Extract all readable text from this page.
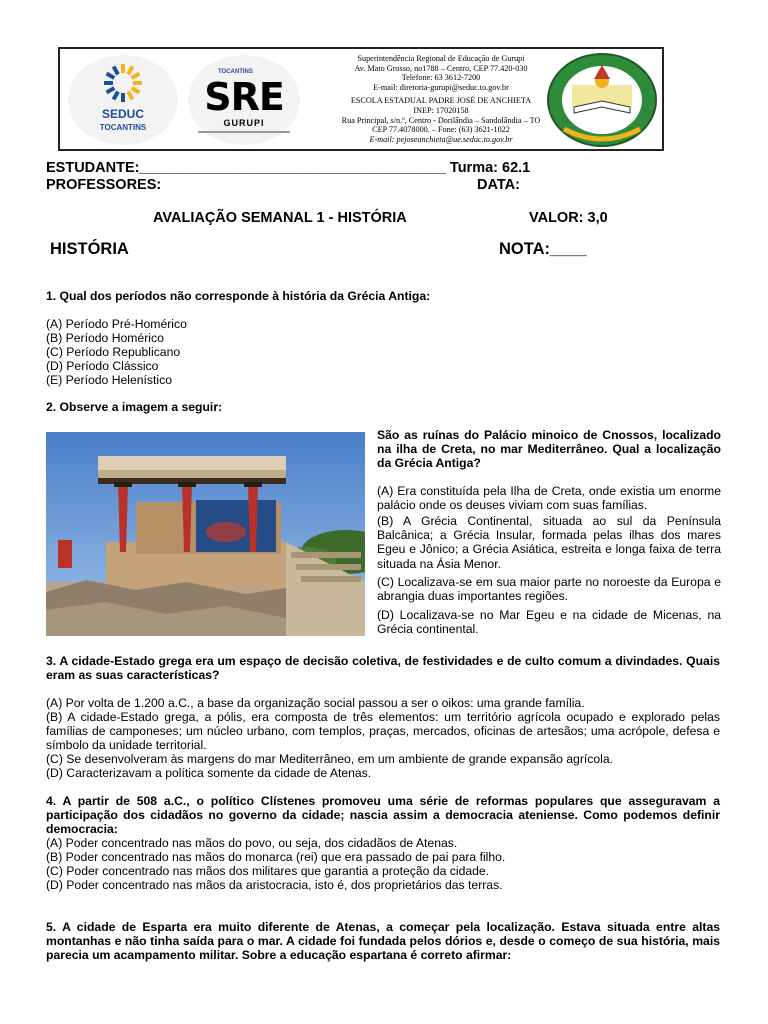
SEDUC
TOCANTINS
TOCANTINS
SRE
GURUPI
Superintendência Regional de Educação de Gurupi
Av. Mato Grosso, no1788 – Centro, CEP 77.420-030
Telefone: 63 3612-7200
E-mail: diretoria-gurupi@seduc.to.gov.br
ESCOLA ESTADUAL PADRE JOSÉ DE ANCHIETA
INEP: 17020158
Rua Principal, s/n.º, Centro - Dorilândia – Sandolândia – TO
CEP 77.4078000. – Fone: (63) 3621-1022
E-mail: pejoseanchieta@ue.seduc.to.gov.br
ESTUDANTE:______________________________________ Turma: 62.1
PROFESSORES:	DATA:
AVALIAÇÃO SEMANAL 1 - HISTÓRIA	VALOR: 3,0
HISTÓRIA	NOTA:____
1. Qual dos períodos não corresponde à história da Grécia Antiga:
(A) Período Pré-Homérico
(B) Período Homérico
(C) Período Republicano
(D) Período Clássico
(E) Período Helenístico
2. Observe a imagem a seguir:
São as ruínas do Palácio minoico de Cnossos, localizado na ilha de Creta, no mar Mediterrâneo. Qual a localização da Grécia Antiga?
(A) Era constituída pela Ilha de Creta, onde existia um enorme palácio onde os deuses viviam com suas famílias.
(B) A Grécia Continental, situada ao sul da Península Balcânica; a Grécia Insular, formada pelas ilhas dos mares Egeu e Jônico; a Grécia Asiática, estreita e longa faixa de terra situada na Ásia Menor.
(C) Localizava-se em sua maior parte no noroeste da Europa e abrangia duas importantes regiões.
(D) Localizava-se no Mar Egeu e na cidade de Micenas, na Grécia continental.
3. A cidade-Estado grega era um espaço de decisão coletiva, de festividades e de culto comum a divindades. Quais eram as suas características?
(A) Por volta de 1.200 a.C., a base da organização social passou a ser o oikos: uma grande família.
(B) A cidade-Estado grega, a pólis, era composta de três elementos: um território agrícola ocupado e explorado pelas famílias de camponeses; um núcleo urbano, com templos, praças, mercados, oficinas de artesãos; uma acrópole, defesa e símbolo da unidade territorial.
(C) Se desenvolveram às margens do mar Mediterrâneo, em um ambiente de grande expansão agrícola.
(D) Caracterizavam a política somente da cidade de Atenas.
4. A partir de 508 a.C., o político Clístenes promoveu uma série de reformas populares que asseguravam a participação dos cidadãos no governo da cidade; nascia assim a democracia ateniense. Como podemos definir democracia:
(A) Poder concentrado nas mãos do povo, ou seja, dos cidadãos de Atenas.
(B) Poder concentrado nas mãos do monarca (rei) que era passado de pai para filho.
(C) Poder concentrado nas mãos dos militares que garantia a proteção da cidade.
(D) Poder concentrado nas mãos da aristocracia, isto é, dos proprietários das terras.
5. A cidade de Esparta era muito diferente de Atenas, a começar pela localização. Estava situada entre altas montanhas e não tinha saída para o mar. A cidade foi fundada pelos dórios e, desde o começo de sua história, mais parecia um acampamento militar. Sobre a educação espartana é correto afirmar:
